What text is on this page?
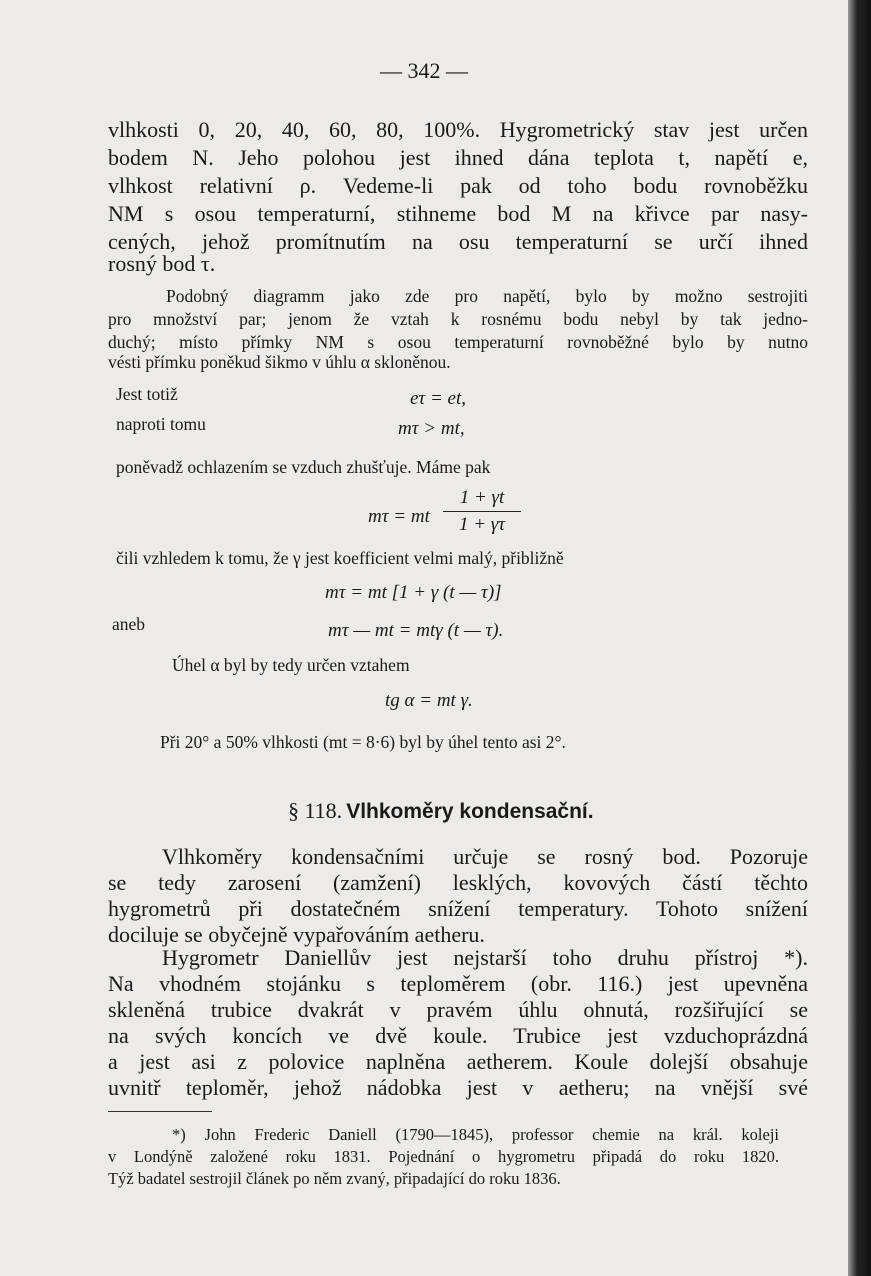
— 342 —
vlhkosti 0, 20, 40, 60, 80, 100%. Hygrometrický stav jest určen
bodem N. Jeho polohou jest ihned dána teplota t, napětí e,
vlhkost relativní ρ. Vedeme-li pak od toho bodu rovnoběžku
NM s osou temperaturní, stihneme bod M na křivce par nasy-
cených, jehož promítnutím na osu temperaturní se určí ihned
rosný bod τ.
Podobný diagramm jako zde pro napětí, bylo by možno sestrojiti
pro množství par; jenom že vztah k rosnému bodu nebyl by tak jedno-
duchý; místo přímky NM s osou temperaturní rovnoběžné bylo by nutno
vésti přímku poněkud šikmo v úhlu α skloněnou.
Jest totiž	eτ = et,
naproti tomu	mτ > mt,
poněvadž ochlazením se vzduch zhušťuje. Máme pak
mτ = mt
1 + γt
1 + γτ
čili vzhledem k tomu, že γ jest koefficient velmi malý, přibližně
mτ = mt [1 + γ (t — τ)]
aneb	mτ — mt = mtγ (t — τ).
Úhel α byl by tedy určen vztahem
tg α = mt γ.
Při 20° a 50% vlhkosti (mt = 8·6) byl by úhel tento asi 2°.
§ 118. Vlhkoměry kondensační.
Vlhkoměry kondensačními určuje se rosný bod. Pozoruje
se tedy zarosení (zamžení) lesklých, kovových částí těchto
hygrometrů při dostatečném snížení temperatury. Tohoto snížení
dociluje se obyčejně vypařováním aetheru.
Hygrometr Daniellův jest nejstarší toho druhu přístroj *).
Na vhodném stojánku s teploměrem (obr. 116.) jest upevněna
skleněná trubice dvakrát v pravém úhlu ohnutá, rozšiřující se
na svých koncích ve dvě koule. Trubice jest vzduchoprázdná
a jest asi z polovice naplněna aetherem. Koule dolejší obsahuje
uvnitř teploměr, jehož nádobka jest v aetheru; na vnější své
*) John Frederic Daniell (1790—1845), professor chemie na král. koleji
v Londýně založené roku 1831. Pojednání o hygrometru připadá do roku 1820.
Týž badatel sestrojil článek po něm zvaný, připadající do roku 1836.
